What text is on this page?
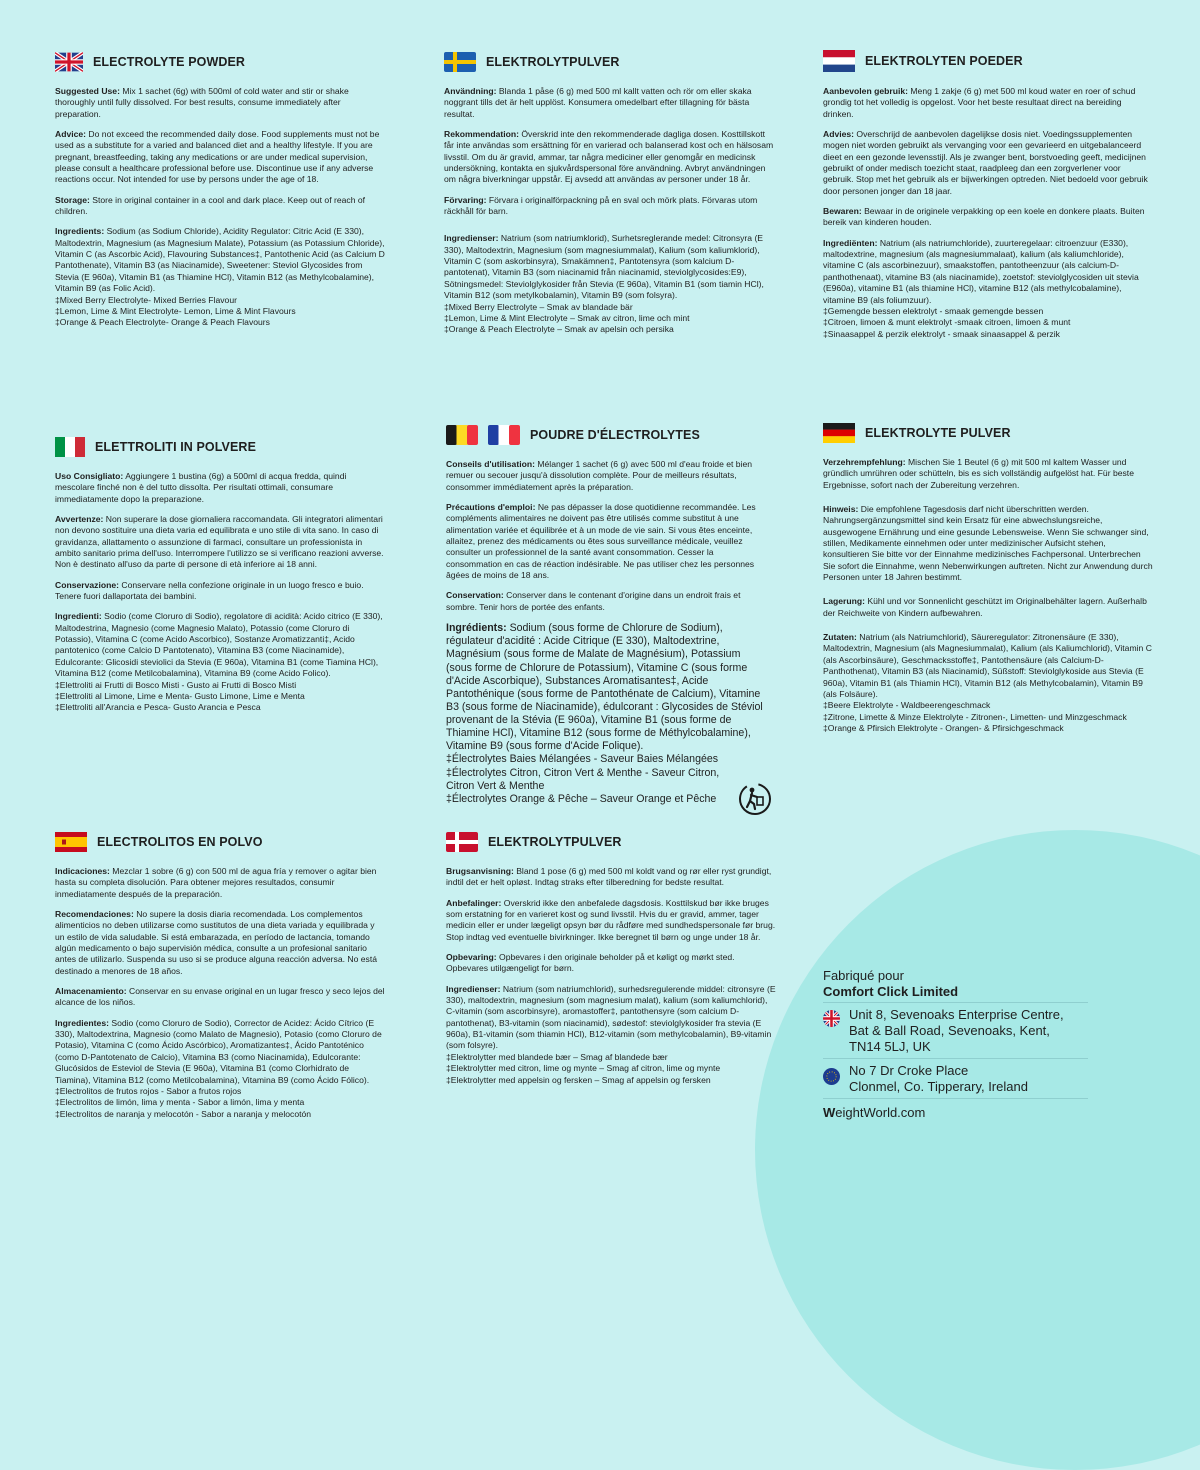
ELECTROLYTE POWDER

Suggested Use: Mix 1 sachet (6g) with 500ml of cold water and stir or shake thoroughly until fully dissolved. For best results, consume immediately after preparation.

Advice: Do not exceed the recommended daily dose. Food supplements must not be used as a substitute for a varied and balanced diet and a healthy lifestyle. If you are pregnant, breastfeeding, taking any medications or are under medical supervision, please consult a healthcare professional before use. Discontinue use if any adverse reactions occur. Not intended for use by persons under the age of 18.

Storage: Store in original container in a cool and dark place. Keep out of reach of children.

Ingredients: Sodium (as Sodium Chloride), Acidity Regulator: Citric Acid (E 330), Maltodextrin, Magnesium (as Magnesium Malate), Potassium (as Potassium Chloride), Vitamin C (as Ascorbic Acid), Flavouring Substances‡, Pantothenic Acid (as Calcium D Pantothenate), Vitamin B3 (as Niacinamide), Sweetener: Steviol Glycosides from Stevia (E 960a), Vitamin B1 (as Thiamine HCl), Vitamin B12 (as Methylcobalamine), Vitamin B9 (as Folic Acid).

‡Mixed Berry Electrolyte- Mixed Berries Flavour
‡Lemon, Lime & Mint Electrolyte- Lemon, Lime & Mint Flavours
‡Orange & Peach Electrolyte- Orange & Peach Flavours
ELEKTROLYTPULVER

Användning: Blanda 1 påse (6 g) med 500 ml kallt vatten och rör om eller skaka noggrant tills det är helt upplöst. Konsumera omedelbart efter tillagning för bästa resultat.

Rekommendation: Överskrid inte den rekommenderade dagliga dosen. Kosttillskott får inte användas som ersättning för en varierad och balanserad kost och en hälsosam livsstil. Om du är gravid, ammar, tar några mediciner eller genomgår en medicinsk undersökning, kontakta en sjukvårdspersonal före användning. Avbryt användningen om några biverkningar uppstår. Ej avsedd att användas av personer under 18 år.

Förvaring: Förvara i originalförpackning på en sval och mörk plats. Förvaras utom räckhåll för barn.

Ingredienser: Natrium (som natriumklorid), Surhetsreglerande medel: Citronsyra (E 330), Maltodextrin, Magnesium (som magnesiummalat), Kalium (som kaliumklorid), Vitamin C (som askorbinsyra), Smakämnen‡, Pantotensyra (som kalcium D-pantotenat), Vitamin B3 (som niacinamid från niacinamid, steviolglycosides:E9), Sötningsmedel: Steviolglykosider från Stevia (E 960a), Vitamin B1 (som tiamin HCl), Vitamin B12 (som metylkobalamin), Vitamin B9 (som folsyra).

‡Mixed Berry Electrolyte – Smak av blandade bär
‡Lemon, Lime & Mint Electrolyte – Smak av citron, lime och mint
‡Orange & Peach Electrolyte – Smak av apelsin och persika
ELEKTROLYTEN POEDER

Aanbevolen gebruik: Meng 1 zakje (6 g) met 500 ml koud water en roer of schud grondig tot het volledig is opgelost. Voor het beste resultaat direct na bereiding drinken.

Advies: Overschrijd de aanbevolen dagelijkse dosis niet. Voedingssupplementen mogen niet worden gebruikt als vervanging voor een gevarieerd en uitgebalanceerd dieet en een gezonde levensstijl. Als je zwanger bent, borstvoeding geeft, medicijnen gebruikt of onder medisch toezicht staat, raadpleeg dan een zorgverlener voor gebruik. Stop met het gebruik als er bijwerkingen optreden. Niet bedoeld voor gebruik door personen jonger dan 18 jaar.

Bewaren: Bewaar in de originele verpakking op een koele en donkere plaats. Buiten bereik van kinderen houden.

Ingrediënten: Natrium (als natriumchloride), zuurteregelaar: citroenzuur (E330), maltodextrine, magnesium (als magnesiummalaat), kalium (als kaliumchloride), vitamine C (als ascorbinezuur), smaakstoffen, pantotheenzuur (als calcium-D-panthothenaat), vitamine B3 (als niacinamide), zoetstof: steviolglycosiden uit stevia (E960a), vitamine B1 (als thiamine HCl), vitamine B12 (als methylcobalamine), vitamine B9 (als foliumzuur).

‡Gemengde bessen elektrolyt - smaak gemengde bessen
‡Citroen, limoen & munt elektrolyt -smaak citroen, limoen & munt
‡Sinaasappel & perzik elektrolyt - smaak sinaasappel & perzik
ELETTROLITI IN POLVERE

Uso Consigliato: Aggiungere 1 bustina (6g) a 500ml di acqua fredda, quindi mescolare finché non è del tutto dissolta. Per risultati ottimali, consumare immediatamente dopo la preparazione.

Avvertenze: Non superare la dose giornaliera raccomandata. Gli integratori alimentari non devono sostituire una dieta varia ed equilibrata e uno stile di vita sano. In caso di gravidanza, allattamento o assunzione di farmaci, consultare un professionista in ambito sanitario prima dell'uso. Interrompere l'utilizzo se si verificano reazioni avverse. Non è destinato all'uso da parte di persone di età inferiore ai 18 anni.

Conservazione: Conservare nella confezione originale in un luogo fresco e buio. Tenere fuori dallaportata dei bambini.

Ingredienti: Sodio (come Cloruro di Sodio), regolatore di acidità: Acido citrico (E 330), Maltodestrina, Magnesio (come Magnesio Malato), Potassio (come Cloruro di Potassio), Vitamina C (come Acido Ascorbico), Sostanze Aromatizzanti‡, Acido pantotenico (come Calcio D Pantotenato), Vitamina B3 (come Niacinamide), Edulcorante: Glicosidi steviolici da Stevia (E 960a), Vitamina B1 (come Tiamina HCl), Vitamina B12 (come Metilcobalamina), Vitamina B9 (come Acido Folico).

‡Elettroliti ai Frutti di Bosco Misti - Gusto ai Frutti di Bosco Misti
‡Elettroliti al Limone, Lime e Menta- Gusto Limone, Lime e Menta
‡Elettroliti all'Arancia e Pesca- Gusto Arancia e Pesca
POUDRE D'ÉLECTROLYTES

Conseils d'utilisation: Mélanger 1 sachet (6 g) avec 500 ml d'eau froide et bien remuer ou secouer jusqu'à dissolution complète. Pour de meilleurs résultats, consommer immédiatement après la préparation.

Précautions d'emploi: Ne pas dépasser la dose quotidienne recommandée. Les compléments alimentaires ne doivent pas être utilisés comme substitut à une alimentation variée et équilibrée et à un mode de vie sain. Si vous êtes enceinte, allaitez, prenez des médicaments ou êtes sous surveillance médicale, veuillez consulter un professionnel de la santé avant consommation. Cesser la consommation en cas de réaction indésirable. Ne pas utiliser chez les personnes âgées de moins de 18 ans.

Conservation: Conserver dans le contenant d'origine dans un endroit frais et sombre. Tenir hors de portée des enfants.

Ingrédients: Sodium (sous forme de Chlorure de Sodium), régulateur d'acidité : Acide Citrique (E 330), Maltodextrine, Magnésium (sous forme de Malate de Magnésium), Potassium (sous forme de Chlorure de Potassium), Vitamine C (sous forme d'Acide Ascorbique), Substances Aromatisantes‡, Acide Pantothénique (sous forme de Pantothénate de Calcium), Vitamine B3 (sous forme de Niacinamide), édulcorant : Glycosides de Stéviol provenant de la Stévia (E 960a), Vitamine B1 (sous forme de Thiamine HCl), Vitamine B12 (sous forme de Méthylcobalamine), Vitamine B9 (sous forme d'Acide Folique).

‡Électrolytes Baies Mélangées - Saveur Baies Mélangées
‡Électrolytes Citron, Citron Vert & Menthe - Saveur Citron, Citron Vert & Menthe
‡Électrolytes Orange & Pêche – Saveur Orange et Pêche
ELEKTROLYTE PULVER

Verzehrempfehlung: Mischen Sie 1 Beutel (6 g) mit 500 ml kaltem Wasser und gründlich umrühren oder schütteln, bis es sich vollständig aufgelöst hat. Für beste Ergebnisse, sofort nach der Zubereitung verzehren.

Hinweis: Die empfohlene Tagesdosis darf nicht überschritten werden. Nahrungsergänzungsmittel sind kein Ersatz für eine abwechslungsreiche, ausgewogene Ernährung und eine gesunde Lebensweise. Wenn Sie schwanger sind, stillen, Medikamente einnehmen oder unter medizinischer Aufsicht stehen, konsultieren Sie bitte vor der Einnahme medizinisches Fachpersonal. Unterbrechen Sie sofort die Einnahme, wenn Nebenwirkungen auftreten. Nicht zur Anwendung durch Personen unter 18 Jahren bestimmt.

Lagerung: Kühl und vor Sonnenlicht geschützt im Originalbehälter lagern. Außerhalb der Reichweite von Kindern aufbewahren.

Zutaten: Natrium (als Natriumchlorid), Säureregulator: Zitronensäure (E 330), Maltodextrin, Magnesium (als Magnesiummalat), Kalium (als Kaliumchlorid), Vitamin C (als Ascorbinsäure), Geschmacksstoffe‡, Pantothensäure (als Calcium-D-Panthothenat), Vitamin B3 (als Niacinamid), Süßstoff: Steviolglykoside aus Stevia (E 960a), Vitamin B1 (als Thiamin HCl), Vitamin B12 (als Methylcobalamin), Vitamin B9 (als Folsäure).

‡Beere Elektrolyte - Waldbeerengeschmack
‡Zitrone, Limette & Minze Elektrolyte - Zitronen-, Limetten- und Minzgeschmack
‡Orange & Pfirsich Elektrolyte - Orangen- & Pfirsichgeschmack
ELECTROLITOS EN POLVO

Indicaciones: Mezclar 1 sobre (6 g) con 500 ml de agua fría y remover o agitar bien hasta su completa disolución. Para obtener mejores resultados, consumir inmediatamente después de la preparación.

Recomendaciones: No supere la dosis diaria recomendada. Los complementos alimenticios no deben utilizarse como sustitutos de una dieta variada y equilibrada y un estilo de vida saludable. Si está embarazada, en período de lactancia, tomando algún medicamento o bajo supervisión médica, consulte a un profesional sanitario antes de utilizarlo. Suspenda su uso si se produce alguna reacción adversa. No está destinado a menores de 18 años.

Almacenamiento: Conservar en su envase original en un lugar fresco y seco lejos del alcance de los niños.

Ingredientes: Sodio (como Cloruro de Sodio), Corrector de Acidez: Ácido Cítrico (E 330), Maltodextrina, Magnesio (como Malato de Magnesio), Potasio (como Cloruro de Potasio), Vitamina C (como Ácido Ascórbico), Aromatizantes‡, Ácido Pantoténico (como D-Pantotenato de Calcio), Vitamina B3 (como Niacinamida), Edulcorante: Glucósidos de Esteviol de Stevia (E 960a), Vitamina B1 (como Clorhidrato de Tiamina), Vitamina B12 (como Metilcobalamina), Vitamina B9 (como Ácido Fólico).

‡Electrolitos de frutos rojos - Sabor a frutos rojos
‡Electrolitos de limón, lima y menta - Sabor a limón, lima y menta
‡Electrolitos de naranja y melocotón - Sabor a naranja y melocotón
ELEKTROLYTPULVER

Brugsanvisning: Bland 1 pose (6 g) med 500 ml koldt vand og rør eller ryst grundigt, indtil det er helt opløst. Indtag straks efter tilberedning for bedste resultat.

Anbefalinger: Overskrid ikke den anbefalede dagsdosis. Kosttilskud bør ikke bruges som erstatning for en varieret kost og sund livsstil. Hvis du er gravid, ammer, tager medicin eller er under lægeligt opsyn bør du rådføre med sundhedspersonale før brug. Stop indtag ved eventuelle bivirkninger. Ikke beregnet til børn og unge under 18 år.

Opbevaring: Opbevares i den originale beholder på et køligt og mørkt sted. Opbevares utilgængeligt for børn.

Ingredienser: Natrium (som natriumchlorid), surhedsregulerende middel: citronsyre (E 330), maltodextrin, magnesium (som magnesium malat), kalium (som kaliumchlorid), C-vitamin (som ascorbinsyre), aromastoffer‡, pantothensyre (som calcium D-pantothenat), B3-vitamin (som niacinamid), sødestof: steviolglykosider fra stevia (E 960a), B1-vitamin (som thiamin HCl), B12-vitamin (som methylcobalamin), B9-vitamin (som folsyre).

‡Elektrolytter med blandede bær – Smag af blandede bær
‡Elektrolytter med citron, lime og mynte – Smag af citron, lime og mynte
‡Elektrolytter med appelsin og fersken – Smag af appelsin og fersken
Fabriqué pour
Comfort Click Limited
Unit 8, Sevenoaks Enterprise Centre,
Bat & Ball Road, Sevenoaks, Kent,
TN14 5LJ, UK
No 7 Dr Croke Place
Clonmel, Co. Tipperary, Ireland
WeightWorld.com
